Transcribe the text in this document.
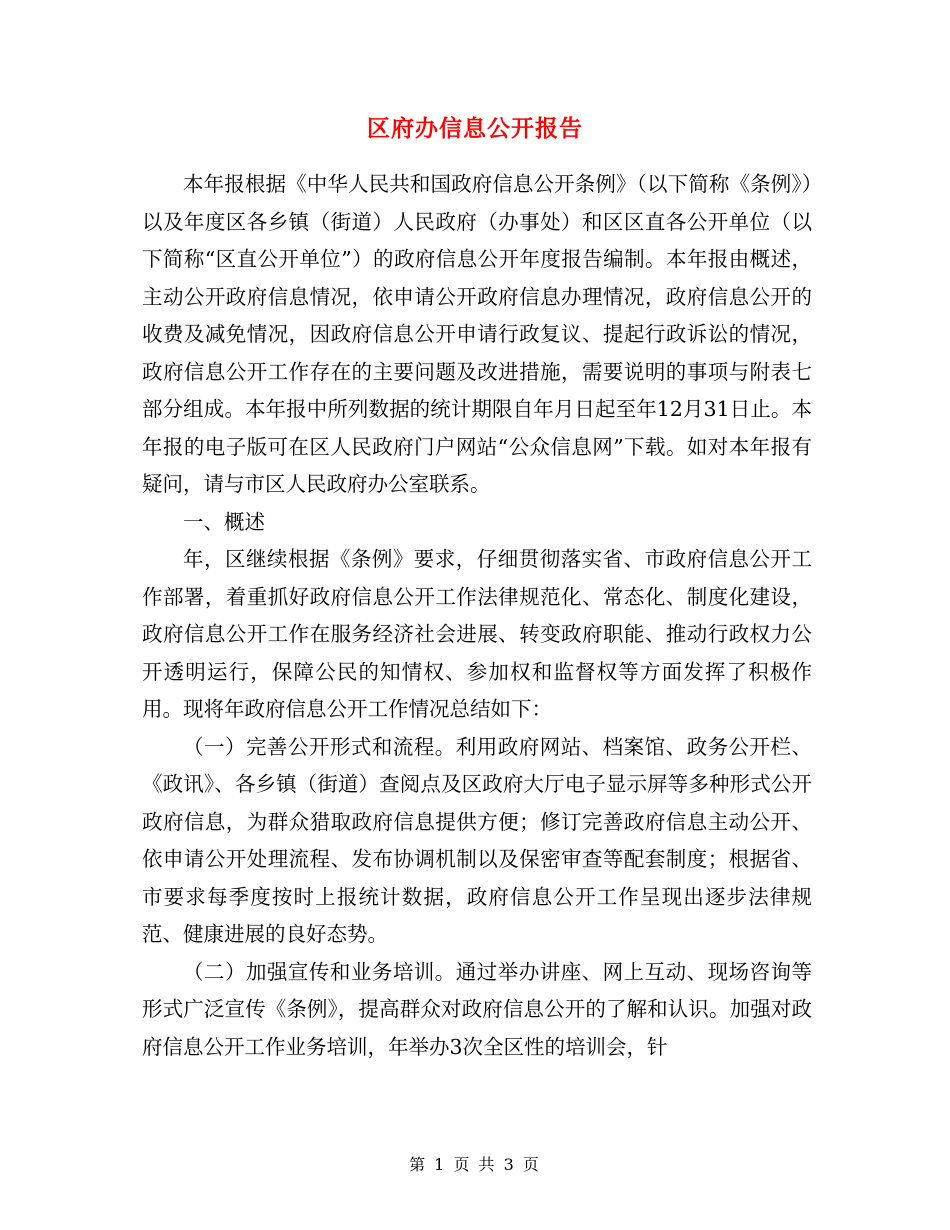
区府办信息公开报告

本年报根据《中华人民共和国政府信息公开条例》（以下简称《条例》）以及年度区各乡镇（街道）人民政府（办事处）和区区直各公开单位（以下简称“区直公开单位”）的政府信息公开年度报告编制。本年报由概述，主动公开政府信息情况，依申请公开政府信息办理情况，政府信息公开的收费及减免情况，因政府信息公开申请行政复议、提起行政诉讼的情况，政府信息公开工作存在的主要问题及改进措施，需要说明的事项与附表七部分组成。本年报中所列数据的统计期限自年月日起至年12月31日止。本年报的电子版可在区人民政府门户网站“公众信息网”下载。如对本年报有疑问，请与市区人民政府办公室联系。

一、概述

年，区继续根据《条例》要求，仔细贯彻落实省、市政府信息公开工作部署，着重抓好政府信息公开工作法律规范化、常态化、制度化建设，政府信息公开工作在服务经济社会进展、转变政府职能、推动行政权力公开透明运行，保障公民的知情权、参加权和监督权等方面发挥了积极作用。现将年政府信息公开工作情况总结如下：

（一）完善公开形式和流程。利用政府网站、档案馆、政务公开栏、《政讯》、各乡镇（街道）查阅点及区政府大厅电子显示屏等多种形式公开政府信息，为群众猎取政府信息提供方便；修订完善政府信息主动公开、依申请公开处理流程、发布协调机制以及保密审查等配套制度；根据省、市要求每季度按时上报统计数据，政府信息公开工作呈现出逐步法律规范、健康进展的良好态势。

（二）加强宣传和业务培训。通过举办讲座、网上互动、现场咨询等形式广泛宣传《条例》，提高群众对政府信息公开的了解和认识。加强对政府信息公开工作业务培训，年举办3次全区性的培训会，针

第 1 页 共 3 页
